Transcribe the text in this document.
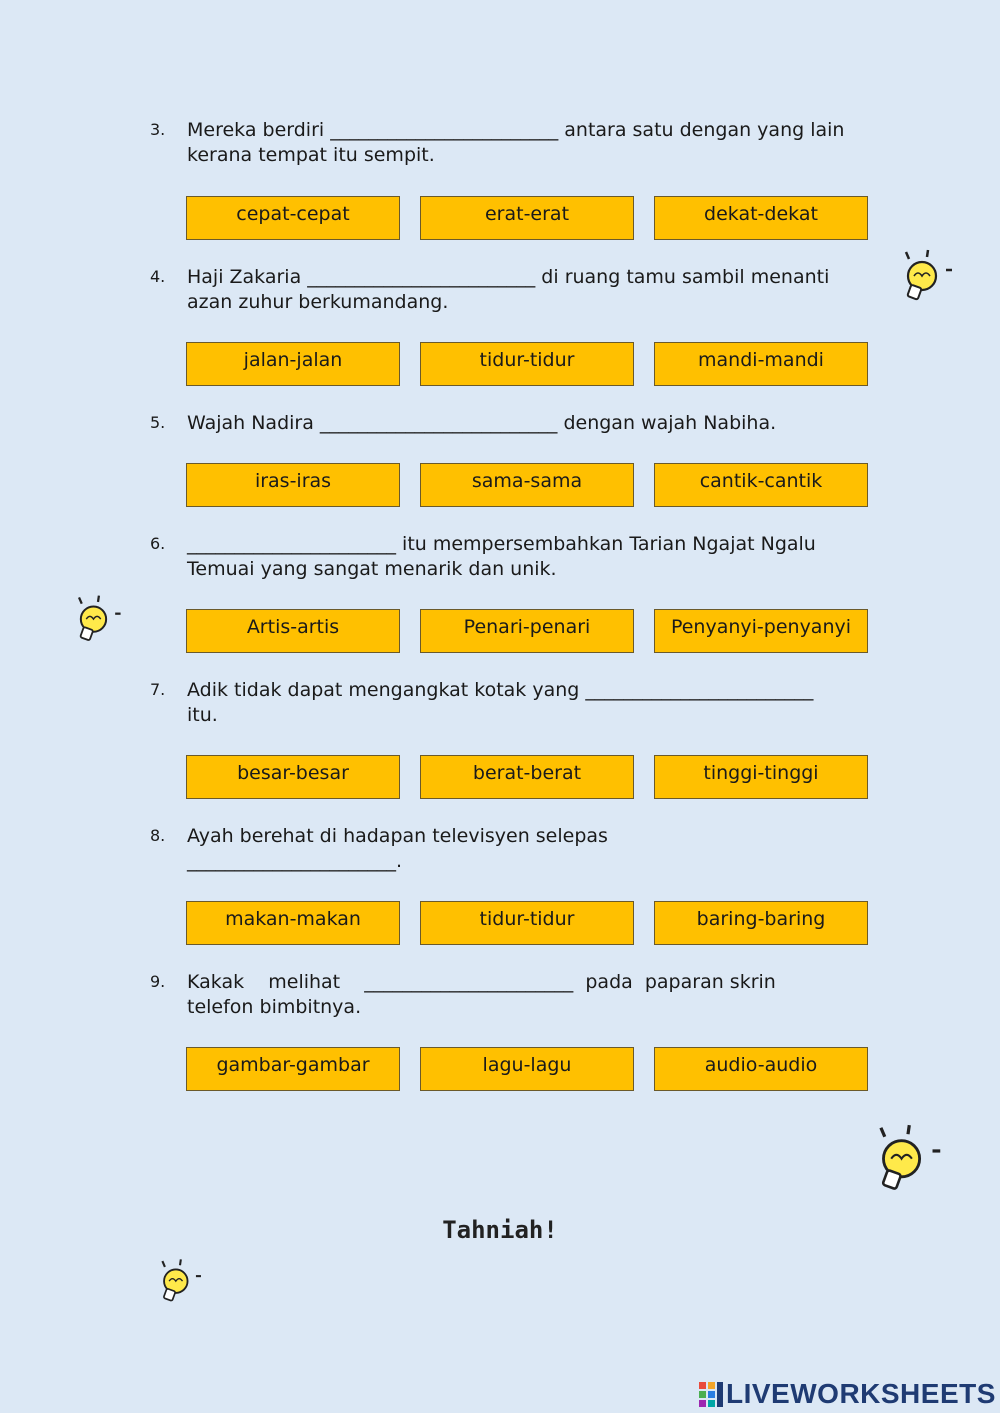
3. Mereka berdiri ________________________ antara satu dengan yang lain kerana tempat itu sempit.
cepat-cepat	erat-erat	dekat-dekat
4. Haji Zakaria ________________________ di ruang tamu sambil menanti azan zuhur berkumandang.
jalan-jalan	tidur-tidur	mandi-mandi
5. Wajah Nadira _________________________ dengan wajah Nabiha.
iras-iras	sama-sama	cantik-cantik
6. ______________________ itu mempersembahkan Tarian Ngajat Ngalu Temuai yang sangat menarik dan unik.
Artis-artis	Penari-penari	Penyanyi-penyanyi
7. Adik tidak dapat mengangkat kotak yang ________________________ itu.
besar-besar	berat-berat	tinggi-tinggi
8. Ayah berehat di hadapan televisyen selepas ______________________.
makan-makan	tidur-tidur	baring-baring
9. Kakak    melihat    ______________________  pada  paparan skrin telefon bimbitnya.
gambar-gambar	lagu-lagu	audio-audio
Tahniah!
LIVEWORKSHEETS
